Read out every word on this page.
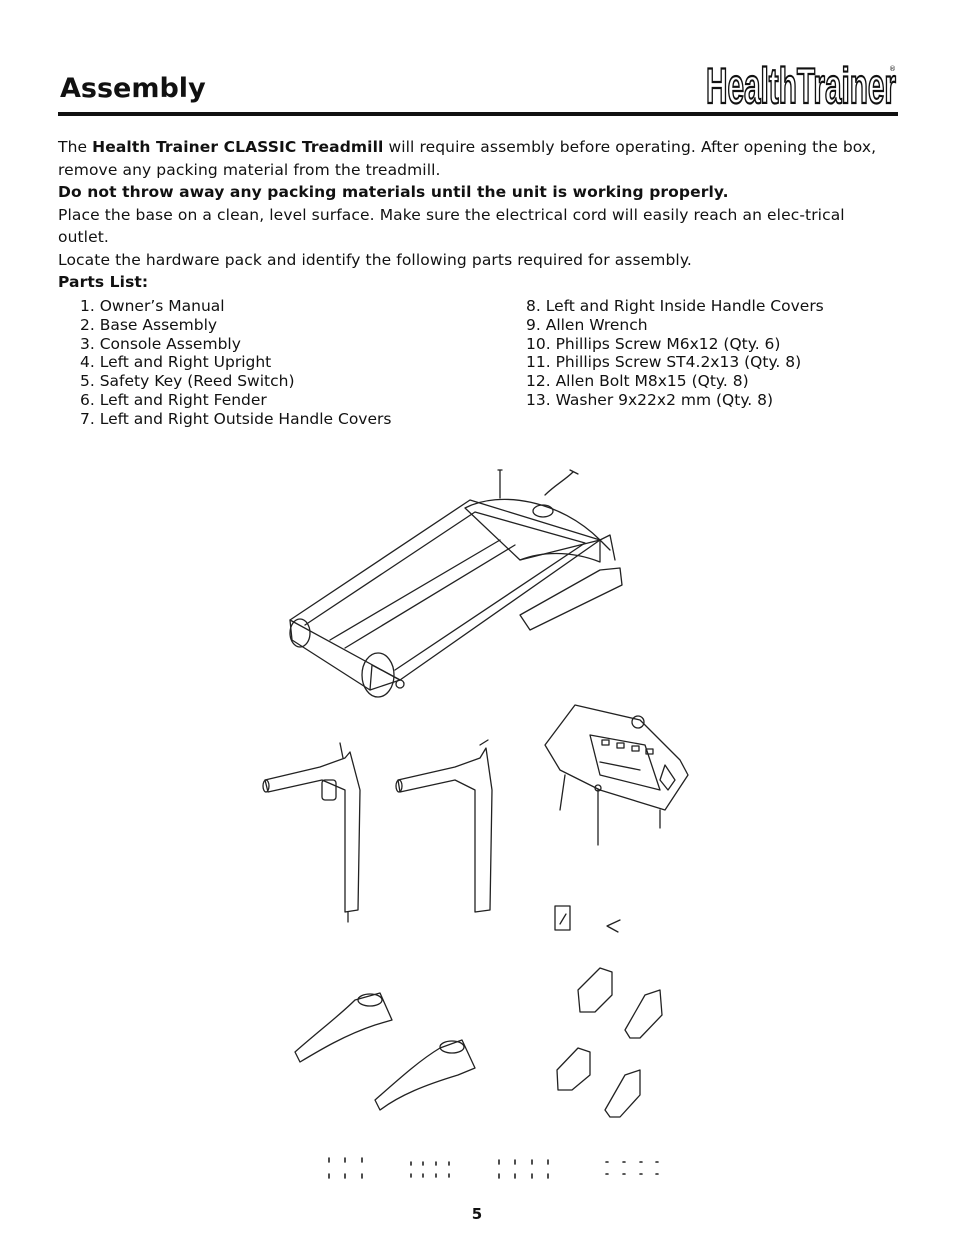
Assembly	HealthTrainer
®

The Health Trainer CLASSIC Treadmill will require assembly before operating. After opening the box, remove any packing material from the treadmill.

Do not throw away any packing materials until the unit is working properly.

Place the base on a clean, level surface. Make sure the electrical cord will easily reach an elec-trical outlet.

Locate the hardware pack and identify the following parts required for assembly.

Parts List:

1. Owner’s Manual
2. Base Assembly
3. Console Assembly
4. Left and Right Upright
5. Safety Key (Reed Switch)
6. Left and Right Fender
7. Left and Right Outside Handle Covers
8. Left and Right Inside Handle Covers
9. Allen Wrench
10. Phillips Screw M6x12 (Qty. 6)
11. Phillips Screw ST4.2x13 (Qty. 8)
12. Allen Bolt M8x15 (Qty. 8)
13. Washer 9x22x2 mm (Qty. 8)
5
